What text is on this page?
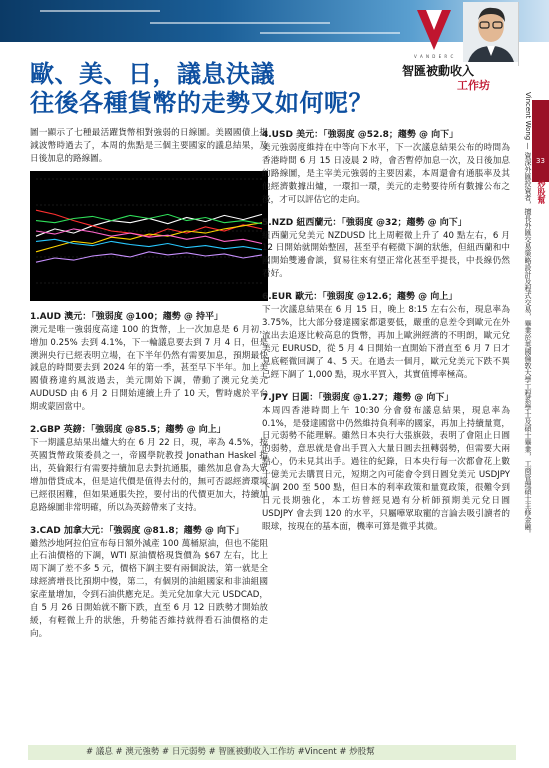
V A N D E R C
智匯被動收入
工作坊
Vincent Wong — 資深外匯投資者，擅長外匯交易策略設計及程式交易，畢業於英國倫敦大學工程系學士及碩士畢業，工商管理碩士主修金融。 33
炒股幫
歐、美、日，議息決議
往後各種貨幣的走勢又如何呢？

圖一顯示了七種最活躍貨幣相對強弱的日線圖。美國國債上揚減波幣時過去了，本周的焦點是三個主要國家的議息結果，及日後加息的路線圖。

1.AUD 澳元：「強弱度 @100；趨勢 @ 持平」

澳元是唯一強弱度高達 100 的貨幣，上一次加息是 6 月初，增加 0.25% 去到 4.1%，下一輪議息要去到 7 月 4 日，但是澳洲央行已經表明立場，在下半年仍然有需要加息，預期最快減息的時間要去到 2024 年的第一季，甚至早下半年。加上美國債務違約風波過去，美元開始下調，帶動了澳元兌美元 AUDUSD 由 6 月 2 日開始連續上升了 10 天，暫時處於平台期或蒙固當中。

2.GBP 英鎊：「強弱度 @85.5；趨勢 @ 向上」

下一期議息結果出爐大約在 6 月 22 日，現，率為 4.5%，按英國貨幣政策委員之一，帝國學院教授 Jonathan Haskel 指出，英倫銀行有需要持續加息去對抗通脹，雖然加息會為大眾增加借貸成本，但是這代價是值得去付的，無可否認經濟環境已經很困難，但如果通脹失控，要付出的代價更加大，持續加息路線圖非常明確，所以為英鎊帶來了支持。

3.CAD 加拿大元：「強弱度 @81.8；趨勢 @ 向下」

雖然沙地阿拉伯宣布每日額外減產 100 萬桶原油，但也不能阻止石油價格的下調，WTI 原油價格現貨價為 $67 左右，比上周下調了差不多 5 元，價格下調主要有兩個說法，第一就是全球經濟增長比預期中慢，第二，有個別的油組國家和非油組國家產量增加，令到石油供應充足。美元兌加拿大元 USDCAD，自 5 月 26 日開始就不斷下跌，直至 6 月 12 日跌勢才開始放緩，有輕微上升的狀態，升勢能否維持就得看石油價格的走向。

4.USD 美元：「強弱度 @52.8；趨勢 @ 向下」

美元強弱度維持在中等向下水平，下一次議息結果公布的時間為香港時間 6 月 15 日凌晨 2 時，會否暫停加息一次，及日後加息的路線圖，是主宰美元強弱的主要因素，本周還會有通脹率及其他經濟數據出爐，一環扣一環，美元的走勢要待所有數據公布之後，才可以評估它的走向。

5.NZD 紐西蘭元：「強弱度 @32；趨勢 @ 向下」

紐西蘭元兌美元 NZDUSD 比上周輕微上升了 40 點左右，6 月 12 日開始就開始整固，甚至乎有輕微下調的狀態，但紐西蘭和中國開始雙邊會談，貿易往來有望正常化甚至乎提長，中長線仍然看好。

6.EUR 歐元：「強弱度 @12.6；趨勢 @ 向上」

下一次議息結果在 6 月 15 日，晚上 8:15 左右公布，現息率為 3.75%，比大部分發達國家都還要低，嚴重的息差令到歐元在外流出去追逐比較高息的貨幣，再加上歐洲經濟的不明朗，歐元兌美元 EURUSD，從 5 月 4 日開始一直開始下滑直至 6 月 7 日才見底輕微回調了 4、5 天。在過去一個月，歐元兌美元下跌不異已經下調了 1,000 點，現水平買入，其實值博率極高。

7.JPY 日圓：「強弱度 @1.27；趨勢 @ 向下」

本周四香港時間上午 10:30 分會發布議息結果，現息率為 0.1%，是發達國當中仍然維持負利率的國家，再加上持續量寬，日元弱勢不能理解。雖然日本央行大張旗鼓，表明了會阻止日圓的弱勢，意思就是會出手買入大量日圓去扭轉弱勢，但需要大兩點心，仍未見其出手。過往的紀錄，日本央行每一次都會花上數十億美元去購買日元，短期之內可能會令到日圓兌美元 USDJPY 下調 200 至 500 點，但日本的利率政策和量寬政策，很難令到日元長期強化，本工坊曾經見過有分析師預期美元兌日圓 USDJPY 會去到 120 的水平，只屬嘩眾取寵的言論去吸引讀者的眼球，按現在的基本面，機率可算是微乎其微。

# 議息 # 澳元強勢 # 日元弱勢 # 智匯被動收入工作坊 #Vincent # 炒股幫
